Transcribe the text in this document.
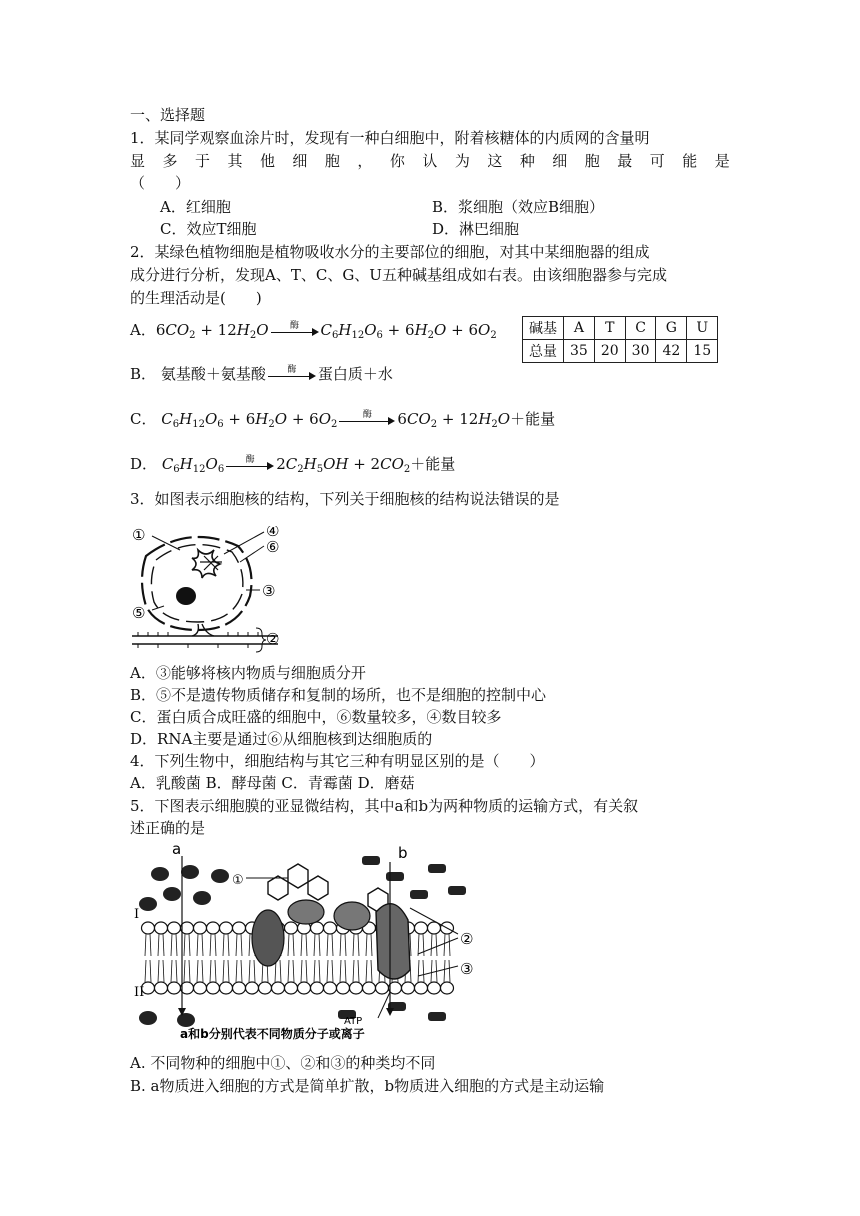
一、选择题
1．某同学观察血涂片时，发现有一种白细胞中，附着核糖体的内质网的含量明
显 多 于 其 他 细 胞 ， 你 认 为 这 种 细 胞 最 可 能 是
（　　）
A．红细胞	B．浆细胞（效应B细胞）
C．效应T细胞	D．淋巴细胞
2．某绿色植物细胞是植物吸收水分的主要部位的细胞，对其中某细胞器的组成
成分进行分析，发现A、T、C、G、U五种碱基组成如右表。由该细胞器参与完成
的生理活动是(　　)
碱基	A	T	C	G	U
总量	35	20	30	42	15
A．$6CO_2 + 12H_2O$	酶	$C_6H_{12}O_6 + 6H_2O + 6O_2$
B． 氨基酸＋氨基酸	酶	蛋白质＋水
C． $C_6H_{12}O_6 + 6H_2O + 6O_2$
酶	$6CO_2 + 12H_2O+$能量
D． $C_6H_{12}O_6$
酶	$2C_2H_5OH + 2CO_2+$能量
3．如图表示细胞核的结构，下列关于细胞核的结构说法错误的是
①
②
③
④
⑤
⑥
A．③能够将核内物质与细胞质分开
B．⑤不是遗传物质储存和复制的场所，也不是细胞的控制中心
C．蛋白质合成旺盛的细胞中，⑥数量较多，④数目较多
D．RNA主要是通过⑥从细胞核到达细胞质的
4．下列生物中，细胞结构与其它三种有明显区别的是（　　）
A．乳酸菌 B．酵母菌 C．青霉菌 D．磨菇
5．下图表示细胞膜的亚显微结构，其中a和b为两种物质的运输方式，有关叙
述正确的是
a	b
①
②
③
I
II
ATP
a和b分别代表不同物质分子或离子
A. 不同物种的细胞中①、②和③的种类均不同
B. a物质进入细胞的方式是简单扩散，b物质进入细胞的方式是主动运输
